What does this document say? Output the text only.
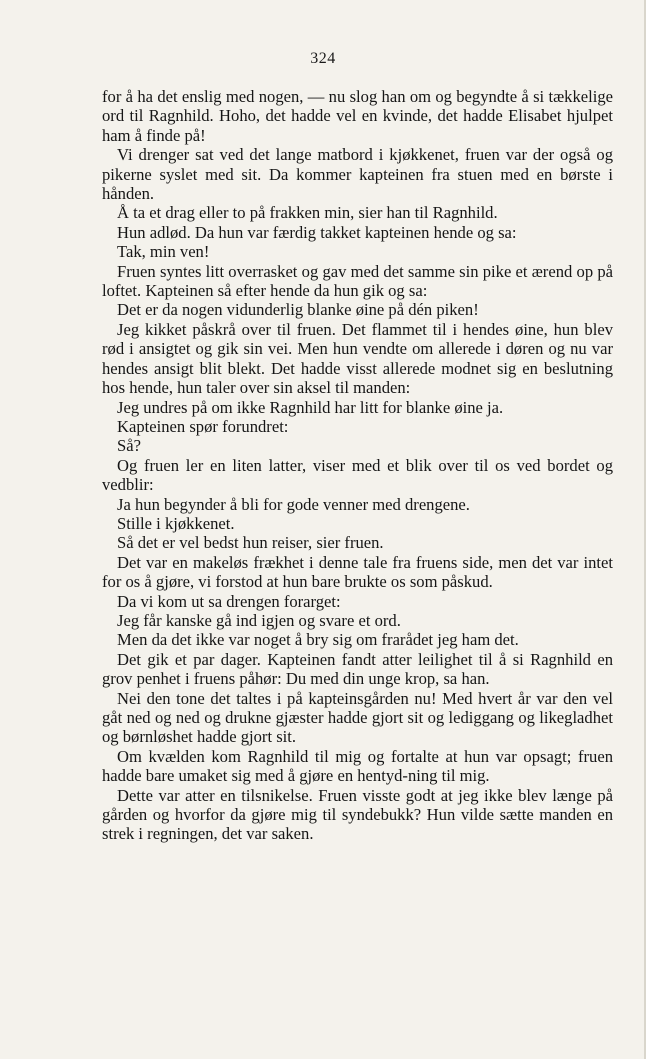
324

for å ha det enslig med nogen, — nu slog han om og begyndte å si tækkelige ord til Ragnhild. Hoho, det hadde vel en kvinde, det hadde Elisabet hjulpet ham å finde på!

Vi drenger sat ved det lange matbord i kjøkkenet, fruen var der også og pikerne syslet med sit. Da kommer kapteinen fra stuen med en børste i hånden.

Å ta et drag eller to på frakken min, sier han til Ragnhild.

Hun adlød. Da hun var færdig takket kapteinen hende og sa:

Tak, min ven!

Fruen syntes litt overrasket og gav med det samme sin pike et ærend op på loftet. Kapteinen så efter hende da hun gik og sa:

Det er da nogen vidunderlig blanke øine på dén piken!

Jeg kikket påskrå over til fruen. Det flammet til i hendes øine, hun blev rød i ansigtet og gik sin vei. Men hun vendte om allerede i døren og nu var hendes ansigt blit blekt. Det hadde visst allerede modnet sig en beslutning hos hende, hun taler over sin aksel til manden:

Jeg undres på om ikke Ragnhild har litt for blanke øine ja.

Kapteinen spør forundret:

Så?

Og fruen ler en liten latter, viser med et blik over til os ved bordet og vedblir:

Ja hun begynder å bli for gode venner med drengene.

Stille i kjøkkenet.

Så det er vel bedst hun reiser, sier fruen.

Det var en makeløs frækhet i denne tale fra fruens side, men det var intet for os å gjøre, vi forstod at hun bare brukte os som påskud.

Da vi kom ut sa drengen forarget:

Jeg får kanske gå ind igjen og svare et ord.

Men da det ikke var noget å bry sig om frarådet jeg ham det.

Det gik et par dager. Kapteinen fandt atter leilighet til å si Ragnhild en grov penhet i fruens påhør: Du med din unge krop, sa han.

Nei den tone det taltes i på kapteinsgården nu! Med hvert år var den vel gåt ned og ned og drukne gjæster hadde gjort sit og lediggang og likegladhet og børnløshet hadde gjort sit.

Om kvælden kom Ragnhild til mig og fortalte at hun var opsagt; fruen hadde bare umaket sig med å gjøre en hentyd-ning til mig.

Dette var atter en tilsnikelse. Fruen visste godt at jeg ikke blev længe på gården og hvorfor da gjøre mig til syndebukk? Hun vilde sætte manden en strek i regningen, det var saken.
